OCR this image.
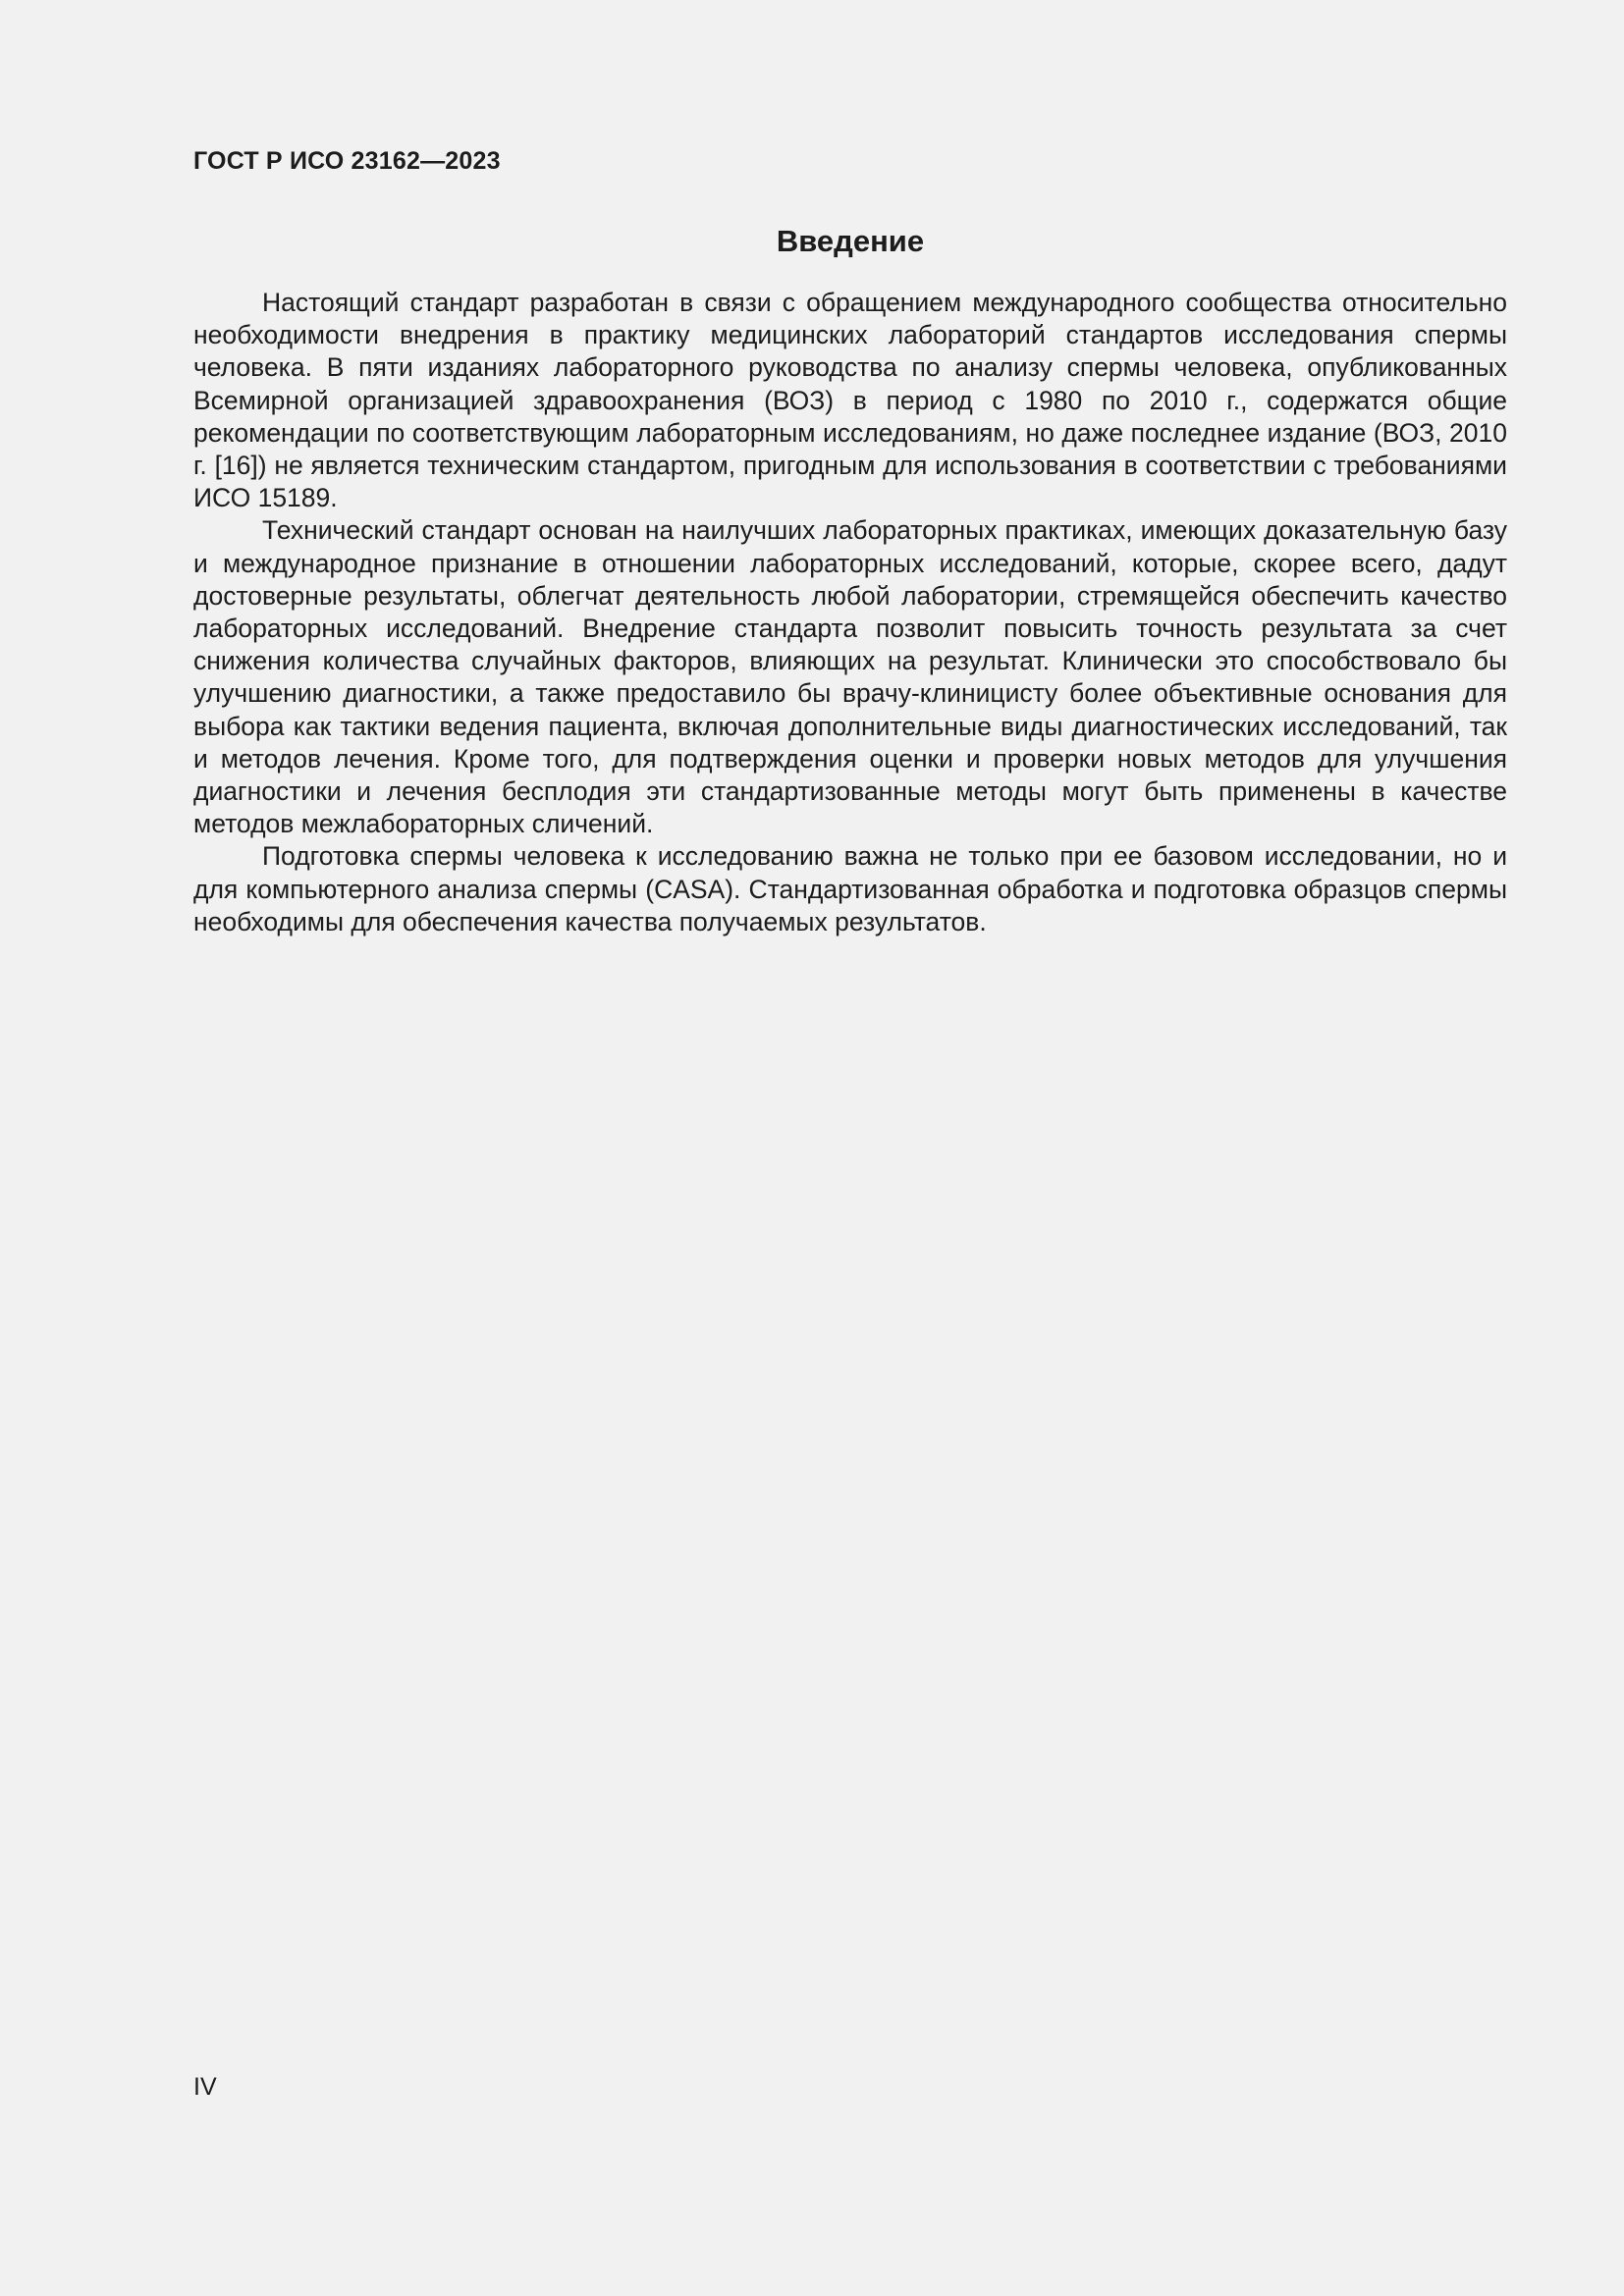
ГОСТ Р ИСО 23162—2023
Введение

Настоящий стандарт разработан в связи с обращением международного сообщества относительно необходимости внедрения в практику медицинских лабораторий стандартов исследования спермы человека. В пяти изданиях лабораторного руководства по анализу спермы человека, опубликованных Всемирной организацией здравоохранения (ВОЗ) в период с 1980 по 2010 г., содержатся общие рекомендации по соответствующим лабораторным исследованиям, но даже последнее издание (ВОЗ, 2010 г. [16]) не является техническим стандартом, пригодным для использования в соответствии с требованиями ИСО 15189.

Технический стандарт основан на наилучших лабораторных практиках, имеющих доказательную базу и международное признание в отношении лабораторных исследований, которые, скорее всего, дадут достоверные результаты, облегчат деятельность любой лаборатории, стремящейся обеспечить качество лабораторных исследований. Внедрение стандарта позволит повысить точность результата за счет снижения количества случайных факторов, влияющих на результат. Клинически это способствовало бы улучшению диагностики, а также предоставило бы врачу-клиницисту более объективные основания для выбора как тактики ведения пациента, включая дополнительные виды диагностических исследований, так и методов лечения. Кроме того, для подтверждения оценки и проверки новых методов для улучшения диагностики и лечения бесплодия эти стандартизованные методы могут быть применены в качестве методов межлабораторных сличений.

Подготовка спермы человека к исследованию важна не только при ее базовом исследовании, но и для компьютерного анализа спермы (CASA). Стандартизованная обработка и подготовка образцов спермы необходимы для обеспечения качества получаемых результатов.

IV
